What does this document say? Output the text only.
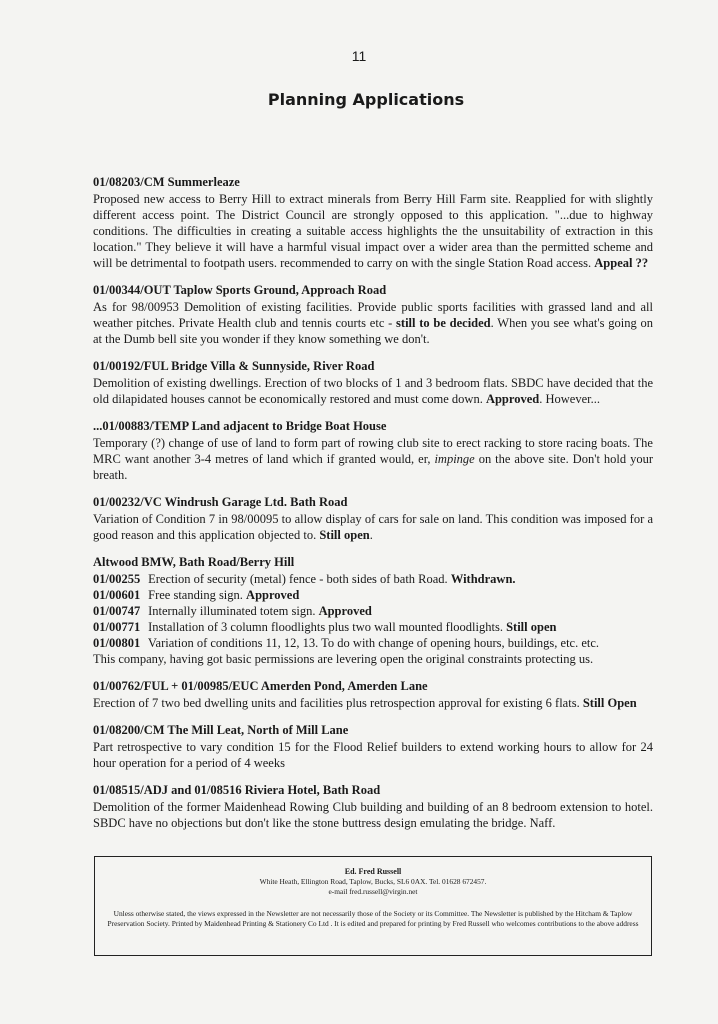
11
Planning Applications

01/08203/CM Summerleaze

Proposed new access to Berry Hill to extract minerals from Berry Hill Farm site. Reapplied for with slightly different access point. The District Council are strongly opposed to this application. "...due to highway conditions. The difficulties in creating a suitable access highlights the the unsuitability of extraction in this location." They believe it will have a harmful visual impact over a wider area than the permitted scheme and will be detrimental to footpath users. recommended to carry on with the single Station Road access. Appeal ??

01/00344/OUT Taplow Sports Ground, Approach Road

As for 98/00953 Demolition of existing facilities. Provide public sports facilities with grassed land and all weather pitches. Private Health club and tennis courts etc - still to be decided. When you see what's going on at the Dumb bell site you wonder if they know something we don't.

01/00192/FUL Bridge Villa & Sunnyside, River Road

Demolition of existing dwellings. Erection of two blocks of 1 and 3 bedroom flats. SBDC have decided that the old dilapidated houses cannot be economically restored and must come down. Approved. However...

...01/00883/TEMP Land adjacent to Bridge Boat House

Temporary (?) change of use of land to form part of rowing club site to erect racking to store racing boats. The MRC want another 3-4 metres of land which if granted would, er, impinge on the above site. Don't hold your breath.

01/00232/VC Windrush Garage Ltd. Bath Road

Variation of Condition 7 in 98/00095 to allow display of cars for sale on land. This condition was imposed for a good reason and this application objected to. Still open.

Altwood BMW, Bath Road/Berry Hill

01/00255 Erection of security (metal) fence - both sides of bath Road. Withdrawn.

01/00601 Free standing sign. Approved

01/00747 Internally illuminated totem sign. Approved

01/00771 Installation of 3 column floodlights plus two wall mounted floodlights. Still open

01/00801 Variation of conditions 11, 12, 13. To do with change of opening hours, buildings, etc. etc.

This company, having got basic permissions are levering open the original constraints protecting us.

01/00762/FUL + 01/00985/EUC Amerden Pond, Amerden Lane

Erection of 7 two bed dwelling units and facilities plus retrospection approval for existing 6 flats. Still Open

01/08200/CM The Mill Leat, North of Mill Lane

Part retrospective to vary condition 15 for the Flood Relief builders to extend working hours to allow for 24 hour operation for a period of 4 weeks

01/08515/ADJ and 01/08516 Riviera Hotel, Bath Road

Demolition of the former Maidenhead Rowing Club building and building of an 8 bedroom extension to hotel. SBDC have no objections but don't like the stone buttress design emulating the bridge. Naff.

Ed. Fred Russell

White Heath, Ellington Road, Taplow, Bucks, SL6 0AX. Tel. 01628 672457.

e-mail fred.russell@virgin.net

Unless otherwise stated, the views expressed in the Newsletter are not necessarily those of the Society or its Committee. The Newsletter is published by the Hitcham & Taplow Preservation Society. Printed by Maidenhead Printing & Stationery Co Ltd . It is edited and prepared for printing by Fred Russell who welcomes contributions to the above address
